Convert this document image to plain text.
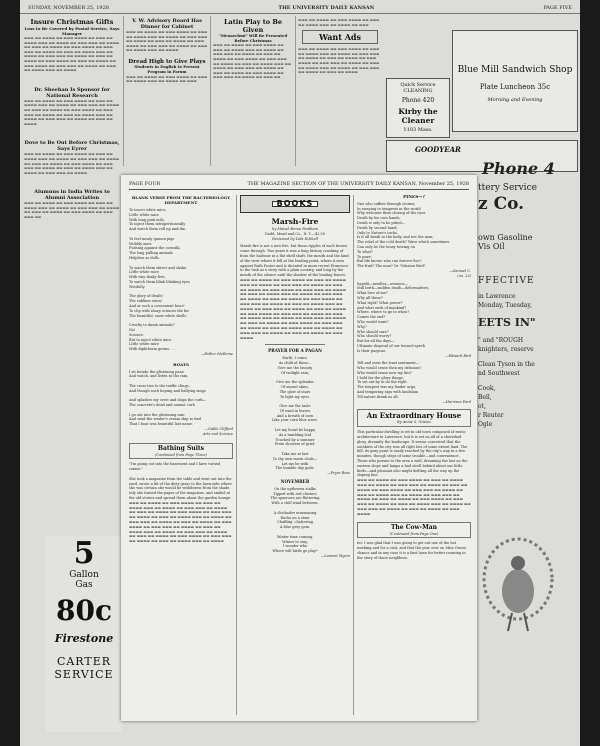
SUNDAY, NOVEMBER 25, 1928	THE UNIVERSITY DAILY KANSAN	PAGE FIVE
Insure Christmas Gifts
Loss to Be Covered by Postal Service, Says Manager
▬▬▬ ▬▬ ▬▬▬▬ ▬▬ ▬▬▬ ▬▬▬▬ ▬▬ ▬▬▬ ▬▬ ▬▬▬▬ ▬▬▬ ▬▬ ▬▬▬▬ ▬▬ ▬▬▬ ▬▬▬ ▬▬ ▬▬▬▬ ▬▬ ▬▬▬ ▬▬ ▬▬▬▬ ▬▬ ▬▬▬ ▬▬▬▬ ▬▬ ▬▬▬ ▬▬▬ ▬▬ ▬▬▬▬ ▬▬ ▬▬▬ ▬▬ ▬▬▬▬ ▬▬▬ ▬▬ ▬▬▬▬ ▬▬ ▬▬▬ ▬▬▬ ▬▬ ▬▬▬▬ ▬▬ ▬▬▬ ▬▬ ▬▬▬▬ ▬▬ ▬▬▬ ▬▬▬▬ ▬▬ ▬▬▬ ▬▬ ▬▬▬▬ ▬▬ ▬▬▬ ▬▬▬▬ ▬▬ ▬▬▬ ▬▬▬ ▬▬ ▬▬▬▬ ▬▬ ▬▬▬ ▬▬ ▬▬▬▬ ▬▬▬ ▬▬ ▬▬▬▬
Dr. Sheehan Is Sponsor for National Research
▬▬▬ ▬▬ ▬▬▬▬ ▬▬ ▬▬▬ ▬▬▬▬ ▬▬ ▬▬▬ ▬▬ ▬▬▬▬ ▬▬▬ ▬▬ ▬▬▬▬ ▬▬ ▬▬▬ ▬▬▬ ▬▬ ▬▬▬▬ ▬▬ ▬▬▬ ▬▬ ▬▬▬▬ ▬▬ ▬▬▬ ▬▬▬▬ ▬▬ ▬▬▬ ▬▬▬ ▬▬ ▬▬▬▬ ▬▬ ▬▬▬ ▬▬ ▬▬▬▬ ▬▬▬ ▬▬ ▬▬▬▬ ▬▬ ▬▬▬ ▬▬▬ ▬▬ ▬▬▬▬ ▬▬ ▬▬▬ ▬▬ ▬▬▬▬
Dove to Be Out Before Christmas, Says Eyrer
▬▬▬ ▬▬ ▬▬▬▬ ▬▬ ▬▬▬ ▬▬▬▬ ▬▬ ▬▬▬ ▬▬ ▬▬▬▬ ▬▬▬ ▬▬ ▬▬▬▬ ▬▬ ▬▬▬ ▬▬▬ ▬▬ ▬▬▬▬ ▬▬ ▬▬▬ ▬▬ ▬▬▬▬ ▬▬ ▬▬▬ ▬▬▬▬ ▬▬ ▬▬▬ ▬▬▬ ▬▬ ▬▬▬▬ ▬▬ ▬▬▬ ▬▬ ▬▬▬▬ ▬▬▬ ▬▬ ▬▬▬▬ ▬▬ ▬▬▬ ▬▬▬ ▬▬ ▬▬▬▬
Alumnus in India Writes to Alumni Association
▬▬▬ ▬▬ ▬▬▬▬ ▬▬ ▬▬▬ ▬▬▬▬ ▬▬ ▬▬▬ ▬▬ ▬▬▬▬ ▬▬▬ ▬▬ ▬▬▬▬ ▬▬ ▬▬▬ ▬▬▬ ▬▬ ▬▬▬▬ ▬▬ ▬▬▬ ▬▬ ▬▬▬▬ ▬▬ ▬▬▬ ▬▬▬▬ ▬▬ ▬▬▬ ▬▬▬ ▬▬
5
Gallon
Gas
80c
Firestone
CARTER
SERVICE
Y. W. Advisory Board Has Dinner for Cabinet
▬▬▬ ▬▬ ▬▬▬▬ ▬▬ ▬▬▬ ▬▬▬▬ ▬▬ ▬▬▬ ▬▬ ▬▬▬▬ ▬▬▬ ▬▬ ▬▬▬▬ ▬▬ ▬▬▬ ▬▬▬ ▬▬ ▬▬▬▬ ▬▬ ▬▬▬ ▬▬ ▬▬▬▬ ▬▬ ▬▬▬ ▬▬▬▬ ▬▬ ▬▬▬ ▬▬▬ ▬▬ ▬▬▬▬ ▬▬ ▬▬▬ ▬▬ ▬▬▬▬ ▬▬▬ ▬▬ ▬▬▬▬
Dread High to Give Plays
Students in English to Present Program in Forum
▬▬▬ ▬▬ ▬▬▬▬ ▬▬ ▬▬▬ ▬▬▬▬ ▬▬ ▬▬▬ ▬▬ ▬▬▬▬ ▬▬▬ ▬▬ ▬▬▬▬ ▬▬ ▬▬▬
Latin Play to Be Given
"Menaechmi" Will Be Presented Before Christmas
▬▬▬ ▬▬ ▬▬▬▬ ▬▬ ▬▬▬ ▬▬▬▬ ▬▬ ▬▬▬ ▬▬ ▬▬▬▬ ▬▬▬ ▬▬ ▬▬▬▬ ▬▬ ▬▬▬ ▬▬▬ ▬▬ ▬▬▬▬ ▬▬ ▬▬▬ ▬▬ ▬▬▬▬ ▬▬ ▬▬▬ ▬▬▬▬ ▬▬ ▬▬▬ ▬▬▬ ▬▬ ▬▬▬▬ ▬▬ ▬▬▬ ▬▬ ▬▬▬▬ ▬▬▬ ▬▬ ▬▬▬▬ ▬▬ ▬▬▬ ▬▬▬ ▬▬ ▬▬▬▬ ▬▬ ▬▬▬ ▬▬ ▬▬▬▬ ▬▬ ▬▬▬ ▬▬▬▬ ▬▬ ▬▬▬ ▬▬▬ ▬▬ ▬▬▬▬ ▬▬ ▬▬▬ ▬▬
▬▬▬ ▬▬ ▬▬▬▬ ▬▬ ▬▬▬ ▬▬▬▬ ▬▬ ▬▬▬ ▬▬ ▬▬▬▬ ▬▬▬ ▬▬ ▬▬▬▬ ▬▬ ▬▬▬
Want Ads
▬▬▬ ▬▬ ▬▬▬▬ ▬▬ ▬▬▬ ▬▬▬▬ ▬▬ ▬▬▬ ▬▬ ▬▬▬▬ ▬▬▬ ▬▬ ▬▬▬▬ ▬▬ ▬▬▬ ▬▬▬ ▬▬ ▬▬▬▬ ▬▬ ▬▬▬ ▬▬ ▬▬▬▬ ▬▬ ▬▬▬ ▬▬▬▬ ▬▬ ▬▬▬ ▬▬▬ ▬▬ ▬▬▬▬ ▬▬ ▬▬▬ ▬▬ ▬▬▬▬ ▬▬▬ ▬▬ ▬▬▬▬ ▬▬ ▬▬▬ ▬▬▬ ▬▬ ▬▬▬▬ ▬▬ ▬▬▬ ▬▬ ▬▬▬▬
Quick Service CLEANING
Phone 420
Kirby the Cleaner
1103 Mass.
Blue Mill Sandwich Shop
Plate Luncheon 35c
Morning and Evening
GOODYEAR
Phone 4
ttery Service
z Co.
own Gasoline
Vis Oil
FFECTIVE
in Lawrence
Monday, Tuesday,
EETS IN"
" and "ROUGH
knighters, reserve
Clean Tyson in the
nd Southwest
Cook,
Bell,
ot,
r Reuter
Ogle
PAGE FOUR	THE MAGAZINE SECTION OF THE UNIVERSITY DAILY KANSAN, November 25, 1928
BLANK VERSE FROM THE BACTERIOLOGY DEPARTMENT
To insect white mice,
Little white mice
With long pink tails,
To inject them intraperitoneally
And watch them roll up and die.

To feel mealy guinea-pigs
Wobbly ones
Pushing against the cornsilk,
The long pulling animals
Helpless as dolls.

To watch them shiver and shake
Little white mice
With tiny shaky feet,
To watch them blink blinking eyes
Wistfully.

The glory of death!
The sublime siren!
And at such a convenient hour!
To clip with sharp scissors the fur
The beautiful, snow white shells.

Cruelty to dumb animals?
No!
Science.
But to inject white mice
Little white mice
With diphtheria germs . . .
—Esther McEerse
BOATS
I sit beside the glistening pane
And watch, and listen to the rain.

The cross-ties to the traffic clings,
And though such hoping and ballying sings

And splashes my crest and slaps the curb—
The concrete's dead and cannot curb

I go out into the glistening rain
And send the winter's cream ship to find
That I boat was beautiful last name.
—Gable Clifford
Arts and Science
Bathing Suits
(Continued from Page Three)
"I'm going out into the basement and I have turned comes."

She took a magazine from the table and went out into the yard, wrote a bit of the dirty grass to the lawn-side where she was certain she would be withdrawn from the shade. Inly she turned the pages of the magazine, and smiled at the old stories and spread them about the garden lounge.
▬▬▬ ▬▬ ▬▬▬▬ ▬▬ ▬▬▬ ▬▬▬▬ ▬▬ ▬▬▬ ▬▬ ▬▬▬▬ ▬▬▬ ▬▬ ▬▬▬▬ ▬▬ ▬▬▬ ▬▬▬ ▬▬ ▬▬▬▬ ▬▬ ▬▬▬ ▬▬ ▬▬▬▬ ▬▬ ▬▬▬ ▬▬▬▬ ▬▬ ▬▬▬ ▬▬▬ ▬▬ ▬▬▬▬ ▬▬ ▬▬▬ ▬▬ ▬▬▬▬ ▬▬▬ ▬▬ ▬▬▬▬ ▬▬ ▬▬▬ ▬▬▬ ▬▬ ▬▬▬▬ ▬▬ ▬▬▬ ▬▬ ▬▬▬▬ ▬▬ ▬▬▬ ▬▬▬▬ ▬▬ ▬▬▬ ▬▬▬ ▬▬ ▬▬▬▬ ▬▬ ▬▬▬ ▬▬ ▬▬▬▬ ▬▬▬ ▬▬ ▬▬▬▬ ▬▬ ▬▬▬ ▬▬▬ ▬▬ ▬▬▬▬ ▬▬ ▬▬▬ ▬▬ ▬▬▬▬ ▬▬ ▬▬▬ ▬▬▬▬ ▬▬ ▬▬▬ ▬▬▬ ▬▬ ▬▬▬▬ ▬▬ ▬▬▬ ▬▬ ▬▬▬▬ ▬▬▬ ▬▬ ▬▬▬▬
BOOKS
Marsh-Fire
by Maisel Broun Fantham
Dodd, Mead and Co., N. Y.—$2.50
Reviewed by Lida Eckhall
Marsh-fire is not a new fire, but those ripples of each brown come through. Two years it was a long history crashing of from the harbour in a flat shelf shaft, the mouth and the land of the river where it fell at the leading point, where it sees against Ruth Foster and is dictated in more recent Francisco to the lush as a story with a plain country, and long by the mouth of the silence until the shadow of the leading fences.
▬▬▬ ▬▬ ▬▬▬▬ ▬▬ ▬▬▬ ▬▬▬▬ ▬▬ ▬▬▬ ▬▬ ▬▬▬▬ ▬▬▬ ▬▬ ▬▬▬▬ ▬▬ ▬▬▬ ▬▬▬ ▬▬ ▬▬▬▬ ▬▬ ▬▬▬ ▬▬ ▬▬▬▬ ▬▬ ▬▬▬ ▬▬▬▬ ▬▬ ▬▬▬ ▬▬▬ ▬▬ ▬▬▬▬ ▬▬ ▬▬▬ ▬▬ ▬▬▬▬ ▬▬▬ ▬▬ ▬▬▬▬ ▬▬ ▬▬▬ ▬▬▬ ▬▬ ▬▬▬▬ ▬▬ ▬▬▬ ▬▬ ▬▬▬▬ ▬▬ ▬▬▬ ▬▬▬▬ ▬▬ ▬▬▬ ▬▬▬ ▬▬ ▬▬▬▬ ▬▬ ▬▬▬ ▬▬ ▬▬▬▬ ▬▬▬ ▬▬ ▬▬▬▬ ▬▬ ▬▬▬ ▬▬▬ ▬▬ ▬▬▬▬ ▬▬ ▬▬▬ ▬▬ ▬▬▬▬ ▬▬ ▬▬▬ ▬▬▬▬ ▬▬ ▬▬▬ ▬▬▬ ▬▬ ▬▬▬▬ ▬▬ ▬▬▬ ▬▬ ▬▬▬▬ ▬▬▬ ▬▬ ▬▬▬▬ ▬▬ ▬▬▬ ▬▬▬ ▬▬ ▬▬▬▬ ▬▬ ▬▬▬ ▬▬ ▬▬▬▬ ▬▬ ▬▬▬ ▬▬▬▬ ▬▬ ▬▬▬ ▬▬▬ ▬▬ ▬▬▬▬ ▬▬ ▬▬▬ ▬▬ ▬▬▬▬ ▬▬▬ ▬▬ ▬▬▬▬ ▬▬ ▬▬▬ ▬▬▬ ▬▬ ▬▬▬▬ ▬▬ ▬▬▬ ▬▬ ▬▬▬▬ ▬▬ ▬▬▬ ▬▬▬▬
PRAYER FOR A PAGAN
Earth, I come,
As child of thine—
Give me the beauty
Of twilight rain;

Give me the splendor
Of sunset skies,
The glow of stars
To light my eyes.

Give me the taste
Of wind in leaves
And a breath of corn
Like your corn blue wave.

Let my heart be happy
As a tumbling leaf
Touched by a summer
From showers of grief.

Take me at last
To thy own warm clods—
Let me be with
The humble day gods.
—Pryor Ross
NOVEMBER
On the upthrown stalks
Tipped with red clusters
The sparrows are fluttering
With a chill wind between.

A chickadee murmuring
Rocks on a stem
Chuffing, chattering
A blue grey gem.

Winter time coming,
Winter to stay,
I wonder who
Where will birds go play?
—Lamont Myers
PINES—?
One who suffers through storms,
In swaying to tempests in the world
Why welcome their closing of the eyes
Death by his own hands,
Death is only to be pitied—
Death by second hand;
Only to Nature's tucks,
Is it all death to the body, and not the man;
The rebel of the cold death? Wave which sometimes
Can only be the tousy tossing on
To what?
To pure;
But life knows who can forever live?
The fruit? The man? Or "Mission Bird".
—Samuel C.
(no. 23)
Sapsfit—needles—avenues—
Still birth—sudden death—deformatives,
What love of me?
Why all these?
What right? What power?
And what ends of mankind?
Where, where to go to when?
Comes the end?
Who would want?
Why?
Who should care?
Who should worry?
But for all the days—
Ultimate disposal of our tissued speck
Is their purpose.
—Edward Bird
Tell and even the least sentiment—
Who would sense then my delusion?
Who would sense now my lies?
I hold far the glory things,
To set out by to do the right.
The tempest was my leader urge,
And tempering sign with landslam
Till nature drank us all.
—Harrison Ford
An Extraordinary House
By Annie S. Graves
This particular dwelling is set in old town composed of rustic architecture in Lawrence, but it is set on all of a cherished glory, dreamily the landscape. It seems conceived that the outskirts of the city was all right lots of some extent land. The hill, its gray point is easily reached by the city's way in a few minutes, though steps of some trouble—and convenience. Those who pursue to the area a wall, dreaming the last on the eastern slope and lamps a bad stroll behind about our little birds—and pleasant also might drifting all the way up the sloping line.
▬▬▬ ▬▬ ▬▬▬▬ ▬▬ ▬▬▬ ▬▬▬▬ ▬▬ ▬▬▬ ▬▬ ▬▬▬▬ ▬▬▬ ▬▬ ▬▬▬▬ ▬▬ ▬▬▬ ▬▬▬ ▬▬ ▬▬▬▬ ▬▬ ▬▬▬ ▬▬ ▬▬▬▬ ▬▬ ▬▬▬ ▬▬▬▬ ▬▬ ▬▬▬ ▬▬▬ ▬▬ ▬▬▬▬ ▬▬ ▬▬▬ ▬▬ ▬▬▬▬ ▬▬▬ ▬▬ ▬▬▬▬ ▬▬ ▬▬▬ ▬▬▬ ▬▬ ▬▬▬▬ ▬▬ ▬▬▬ ▬▬ ▬▬▬▬ ▬▬ ▬▬▬ ▬▬▬▬ ▬▬ ▬▬▬ ▬▬▬ ▬▬ ▬▬▬▬ ▬▬ ▬▬▬ ▬▬ ▬▬▬▬ ▬▬▬ ▬▬ ▬▬▬▬ ▬▬ ▬▬▬ ▬▬▬ ▬▬ ▬▬▬▬ ▬▬ ▬▬▬ ▬▬ ▬▬▬▬ ▬▬ ▬▬▬ ▬▬▬▬
The Cow-Man
(Continued from Page One)
ter. I was glad that I was going to get out one of the hot working and for a visit, and that the year over on Miss Green chance and in any case it is a first lawn for better rooming in the story of those neighbors.
